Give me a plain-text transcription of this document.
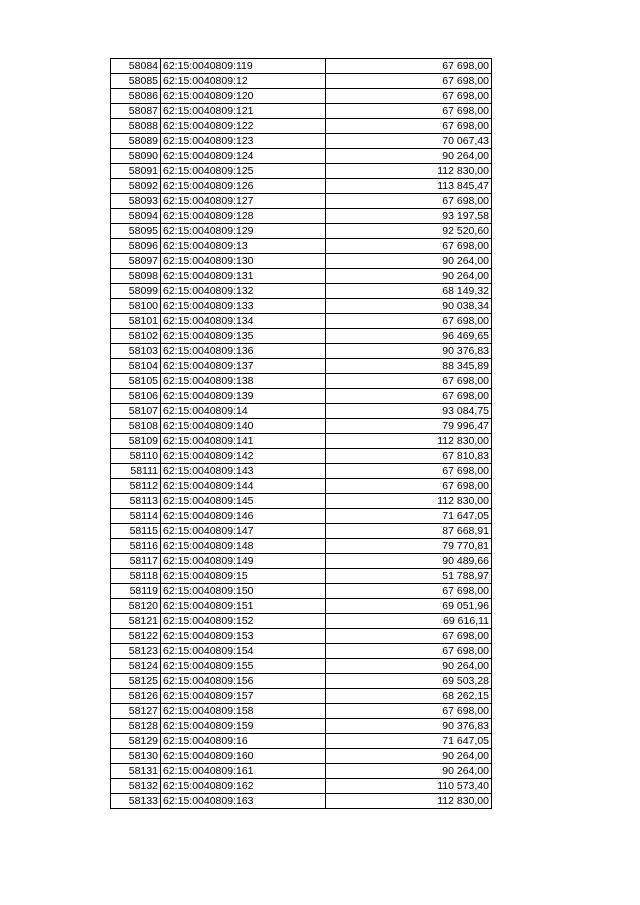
58084	62:15:0040809:119	67 698,00
58085	62:15:0040809:12	67 698,00
58086	62:15:0040809:120	67 698,00
58087	62:15:0040809:121	67 698,00
58088	62:15:0040809:122	67 698,00
58089	62:15:0040809:123	70 067,43
58090	62:15:0040809:124	90 264,00
58091	62:15:0040809:125	112 830,00
58092	62:15:0040809:126	113 845,47
58093	62:15:0040809:127	67 698,00
58094	62:15:0040809:128	93 197,58
58095	62:15:0040809:129	92 520,60
58096	62:15:0040809:13	67 698,00
58097	62:15:0040809:130	90 264,00
58098	62:15:0040809:131	90 264,00
58099	62:15:0040809:132	68 149,32
58100	62:15:0040809:133	90 038,34
58101	62:15:0040809:134	67 698,00
58102	62:15:0040809:135	96 469,65
58103	62:15:0040809:136	90 376,83
58104	62:15:0040809:137	88 345,89
58105	62:15:0040809:138	67 698,00
58106	62:15:0040809:139	67 698,00
58107	62:15:0040809:14	93 084,75
58108	62:15:0040809:140	79 996,47
58109	62:15:0040809:141	112 830,00
58110	62:15:0040809:142	67 810,83
58111	62:15:0040809:143	67 698,00
58112	62:15:0040809:144	67 698,00
58113	62:15:0040809:145	112 830,00
58114	62:15:0040809:146	71 647,05
58115	62:15:0040809:147	87 668,91
58116	62:15:0040809:148	79 770,81
58117	62:15:0040809:149	90 489,66
58118	62:15:0040809:15	51 788,97
58119	62:15:0040809:150	67 698,00
58120	62:15:0040809:151	69 051,96
58121	62:15:0040809:152	69 616,11
58122	62:15:0040809:153	67 698,00
58123	62:15:0040809:154	67 698,00
58124	62:15:0040809:155	90 264,00
58125	62:15:0040809:156	69 503,28
58126	62:15:0040809:157	68 262,15
58127	62:15:0040809:158	67 698,00
58128	62:15:0040809:159	90 376,83
58129	62:15:0040809:16	71 647,05
58130	62:15:0040809:160	90 264,00
58131	62:15:0040809:161	90 264,00
58132	62:15:0040809:162	110 573,40
58133	62:15:0040809:163	112 830,00
